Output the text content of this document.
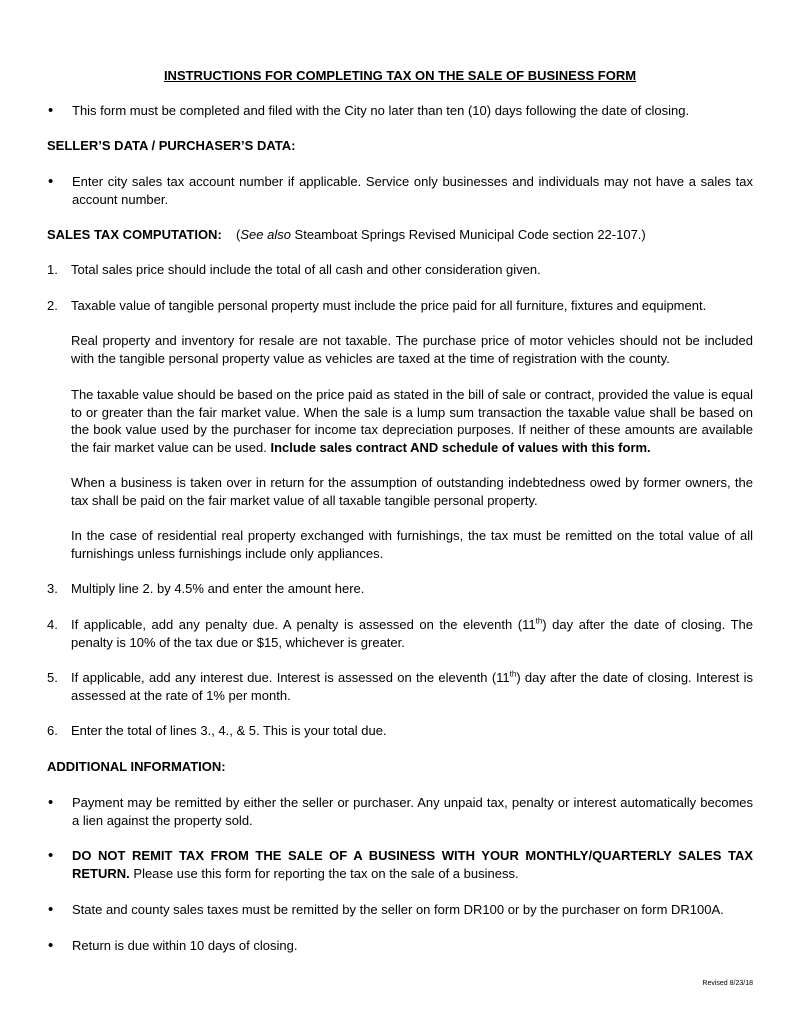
INSTRUCTIONS FOR COMPLETING TAX ON THE SALE OF BUSINESS FORM
•	This form must be completed and filed with the City no later than ten (10) days following the date of closing.
SELLER’S DATA / PURCHASER’S DATA:
•	Enter city sales tax account number if applicable. Service only businesses and individuals may not have a sales tax account number.
SALES TAX COMPUTATION: (See also Steamboat Springs Revised Municipal Code section 22-107.)
1.	Total sales price should include the total of all cash and other consideration given.
2.	Taxable value of tangible personal property must include the price paid for all furniture, fixtures and equipment.

Real property and inventory for resale are not taxable. The purchase price of motor vehicles should not be included with the tangible personal property value as vehicles are taxed at the time of registration with the county.

The taxable value should be based on the price paid as stated in the bill of sale or contract, provided the value is equal to or greater than the fair market value. When the sale is a lump sum transaction the taxable value shall be based on the book value used by the purchaser for income tax depreciation purposes. If neither of these amounts are available the fair market value can be used. Include sales contract AND schedule of values with this form.

When a business is taken over in return for the assumption of outstanding indebtedness owed by former owners, the tax shall be paid on the fair market value of all taxable tangible personal property.

In the case of residential real property exchanged with furnishings, the tax must be remitted on the total value of all furnishings unless furnishings include only appliances.

3.	Multiply line 2. by 4.5% and enter the amount here.
4.	If applicable, add any penalty due. A penalty is assessed on the eleventh (11th) day after the date of closing. The penalty is 10% of the tax due or $15, whichever is greater.
5.	If applicable, add any interest due. Interest is assessed on the eleventh (11th) day after the date of closing. Interest is assessed at the rate of 1% per month.
6.	Enter the total of lines 3., 4., & 5. This is your total due.
ADDITIONAL INFORMATION:
•	Payment may be remitted by either the seller or purchaser. Any unpaid tax, penalty or interest automatically becomes a lien against the property sold.
•	DO NOT REMIT TAX FROM THE SALE OF A BUSINESS WITH YOUR MONTHLY/QUARTERLY SALES TAX RETURN. Please use this form for reporting the tax on the sale of a business.
•	State and county sales taxes must be remitted by the seller on form DR100 or by the purchaser on form DR100A.
•	Return is due within 10 days of closing.
Revised 8/23/18
